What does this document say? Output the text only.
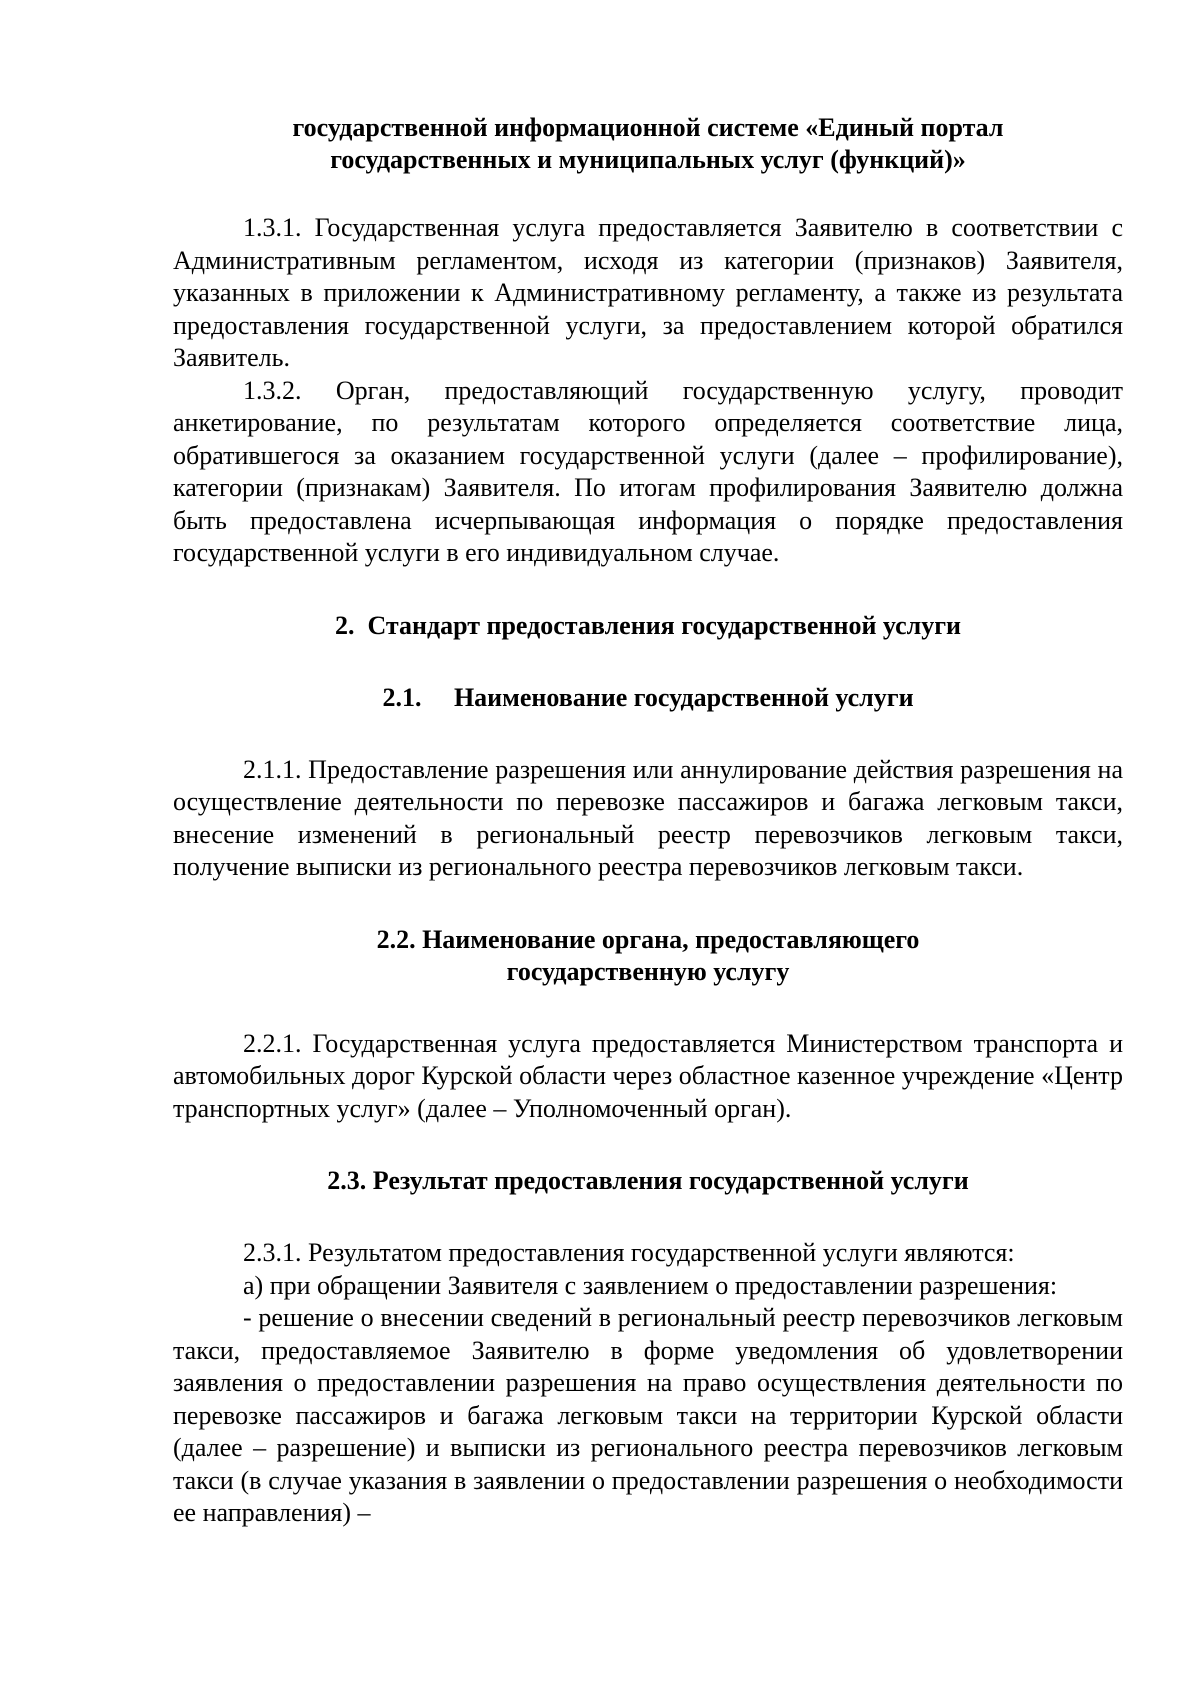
государственной информационной системе «Единый портал
государственных и муниципальных услуг (функций)»

1.3.1. Государственная услуга предоставляется Заявителю в соответствии с Административным регламентом, исходя из категории (признаков) Заявителя, указанных в приложении к Административному регламенту, а также из результата предоставления государственной услуги, за предоставлением которой обратился Заявитель.

1.3.2. Орган, предоставляющий государственную услугу, проводит анкетирование, по результатам которого определяется соответствие лица, обратившегося за оказанием государственной услуги (далее – профилирование), категории (признакам) Заявителя. По итогам профилирования Заявителю должна быть предоставлена исчерпывающая информация о порядке предоставления государственной услуги в его индивидуальном случае.

2.  Стандарт предоставления государственной услуги
2.1.     Наименование государственной услуги

2.1.1. Предоставление разрешения или аннулирование действия разрешения на осуществление деятельности по перевозке пассажиров и багажа легковым такси, внесение изменений в региональный реестр перевозчиков легковым такси, получение выписки из регионального реестра перевозчиков легковым такси.

2.2. Наименование органа, предоставляющего
государственную услугу

2.2.1. Государственная услуга предоставляется Министерством транспорта и автомобильных дорог Курской области через областное казенное учреждение «Центр транспортных услуг» (далее – Уполномоченный орган).

2.3. Результат предоставления государственной услуги

2.3.1. Результатом предоставления государственной услуги являются:

а) при обращении Заявителя с заявлением о предоставлении разрешения:

- решение о внесении сведений в региональный реестр перевозчиков легковым такси, предоставляемое Заявителю в форме уведомления об удовлетворении заявления о предоставлении разрешения на право осуществления деятельности по перевозке пассажиров и багажа легковым такси на территории Курской области (далее – разрешение) и выписки из регионального реестра перевозчиков легковым такси (в случае указания в заявлении о предоставлении разрешения о необходимости ее направления) –
